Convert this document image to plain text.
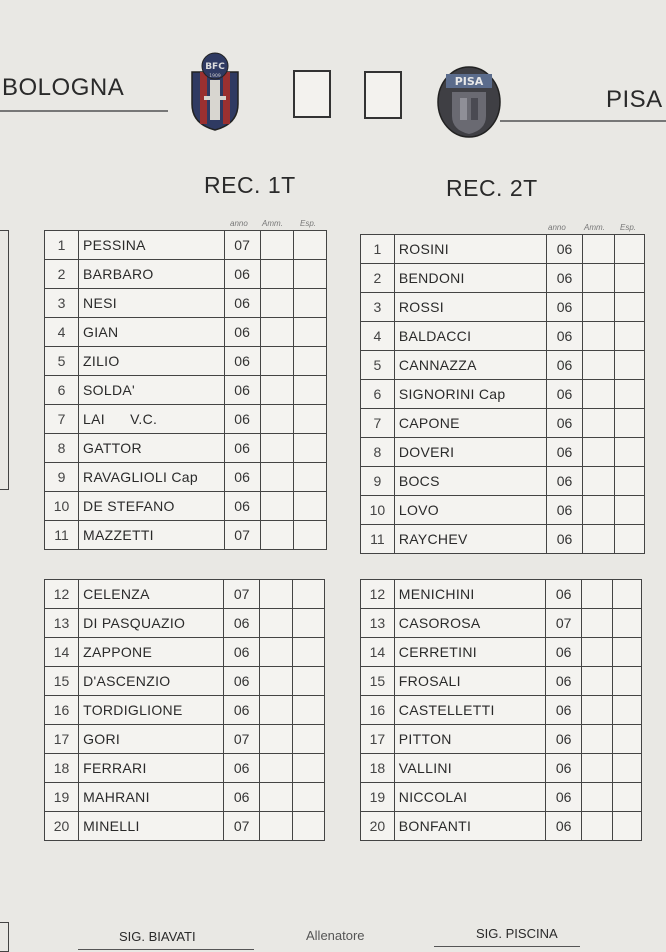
BOLOGNA
BFC
1909	PISA
PISA
REC. 1T	REC. 2T
anno Amm. Esp.	anno Amm. Esp.
1	PESSINA	07		
2	BARBARO	06		
3	NESI	06		
4	GIAN	06		
5	ZILIO	06		
6	SOLDA'	06		
7	LAI      V.C.	06		
8	GATTOR	06		
9	RAVAGLIOLI Cap	06		
10	DE STEFANO	06		
11	MAZZETTI	07		
1	ROSINI	06		
2	BENDONI	06		
3	ROSSI	06		
4	BALDACCI	06		
5	CANNAZZA	06		
6	SIGNORINI Cap	06		
7	CAPONE	06		
8	DOVERI	06		
9	BOCS	06		
10	LOVO	06		
11	RAYCHEV	06		
12	CELENZA	07		
13	DI PASQUAZIO	06		
14	ZAPPONE	06		
15	D'ASCENZIO	06		
16	TORDIGLIONE	06		
17	GORI	07		
18	FERRARI	06		
19	MAHRANI	06		
20	MINELLI	07		
12	MENICHINI	06		
13	CASOROSA	07		
14	CERRETINI	06		
15	FROSALI	06		
16	CASTELLETTI	06		
17	PITTON	06		
18	VALLINI	06		
19	NICCOLAI	06		
20	BONFANTI	06		
SIG. BIAVATI	Allenatore	SIG. PISCINA
